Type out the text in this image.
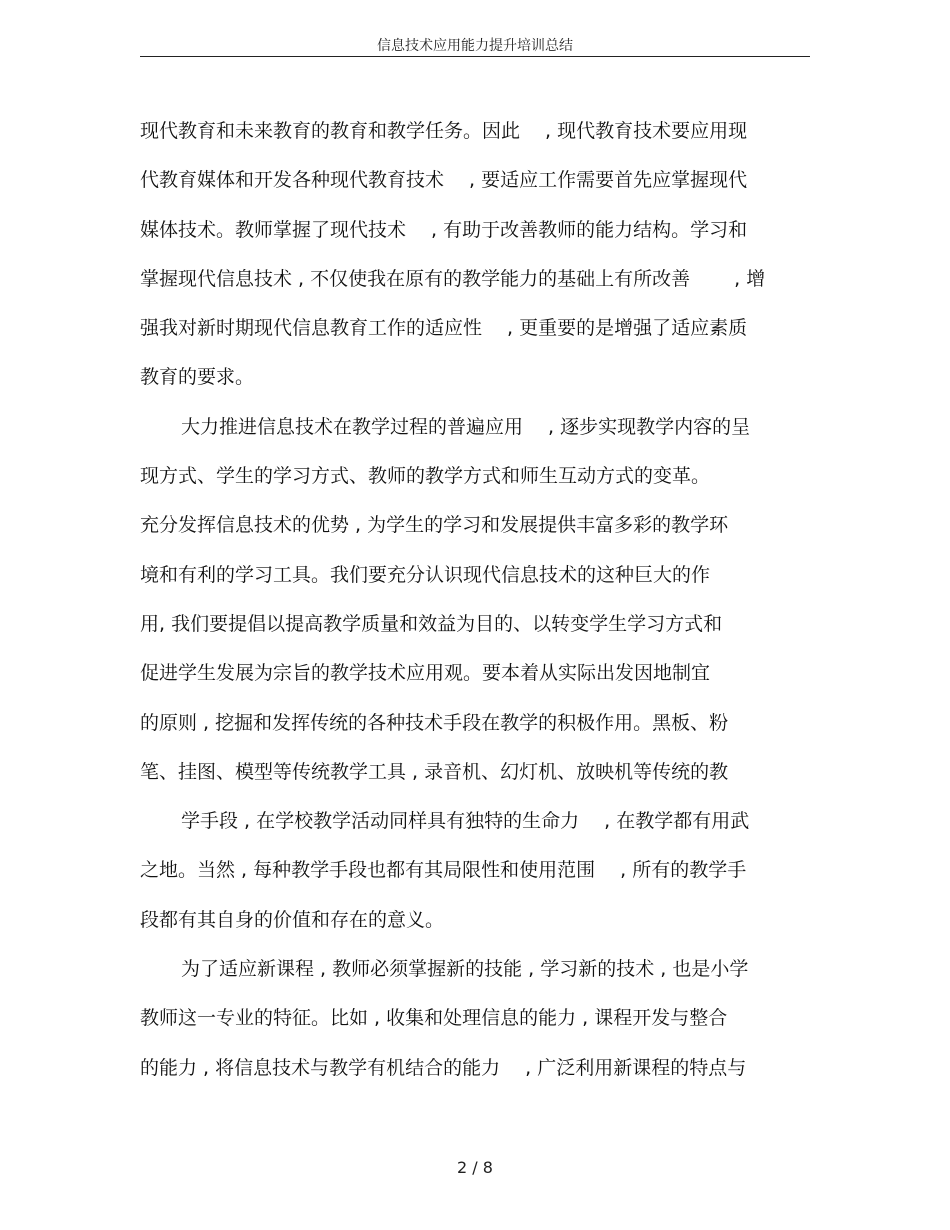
信息技术应用能力提升培训总结
现代教育和未来教育的教育和教学任务。因此　 , 现代教育技术要应用现
代教育媒体和开发各种现代教育技术　 , 要适应工作需要首先应掌握现代
媒体技术。教师掌握了现代技术　 , 有助于改善教师的能力结构。学习和
掌握现代信息技术 , 不仅使我在原有的教学能力的基础上有所改善　　 , 增
强我对新时期现代信息教育工作的适应性　 , 更重要的是增强了适应素质
教育的要求。
大力推进信息技术在教学过程的普遍应用　 , 逐步实现教学内容的呈
现方式、学生的学习方式、教师的教学方式和师生互动方式的变革。
充分发挥信息技术的优势 , 为学生的学习和发展提供丰富多彩的教学环
境和有利的学习工具。我们要充分认识现代信息技术的这种巨大的作
用, 我们要提倡以提高教学质量和效益为目的、以转变学生学习方式和
促进学生发展为宗旨的教学技术应用观。要本着从实际出发因地制宜
的原则 , 挖掘和发挥传统的各种技术手段在教学的积极作用。黑板、粉
笔、挂图、模型等传统教学工具 , 录音机、幻灯机、放映机等传统的教
学手段 , 在学校教学活动同样具有独特的生命力　 , 在教学都有用武
之地。当然 , 每种教学手段也都有其局限性和使用范围　 , 所有的教学手
段都有其自身的价值和存在的意义。
为了适应新课程 , 教师必须掌握新的技能 , 学习新的技术 , 也是小学
教师这一专业的特征。比如 , 收集和处理信息的能力 , 课程开发与整合
的能力 , 将信息技术与教学有机结合的能力　 , 广泛利用新课程的特点与
2 / 8
